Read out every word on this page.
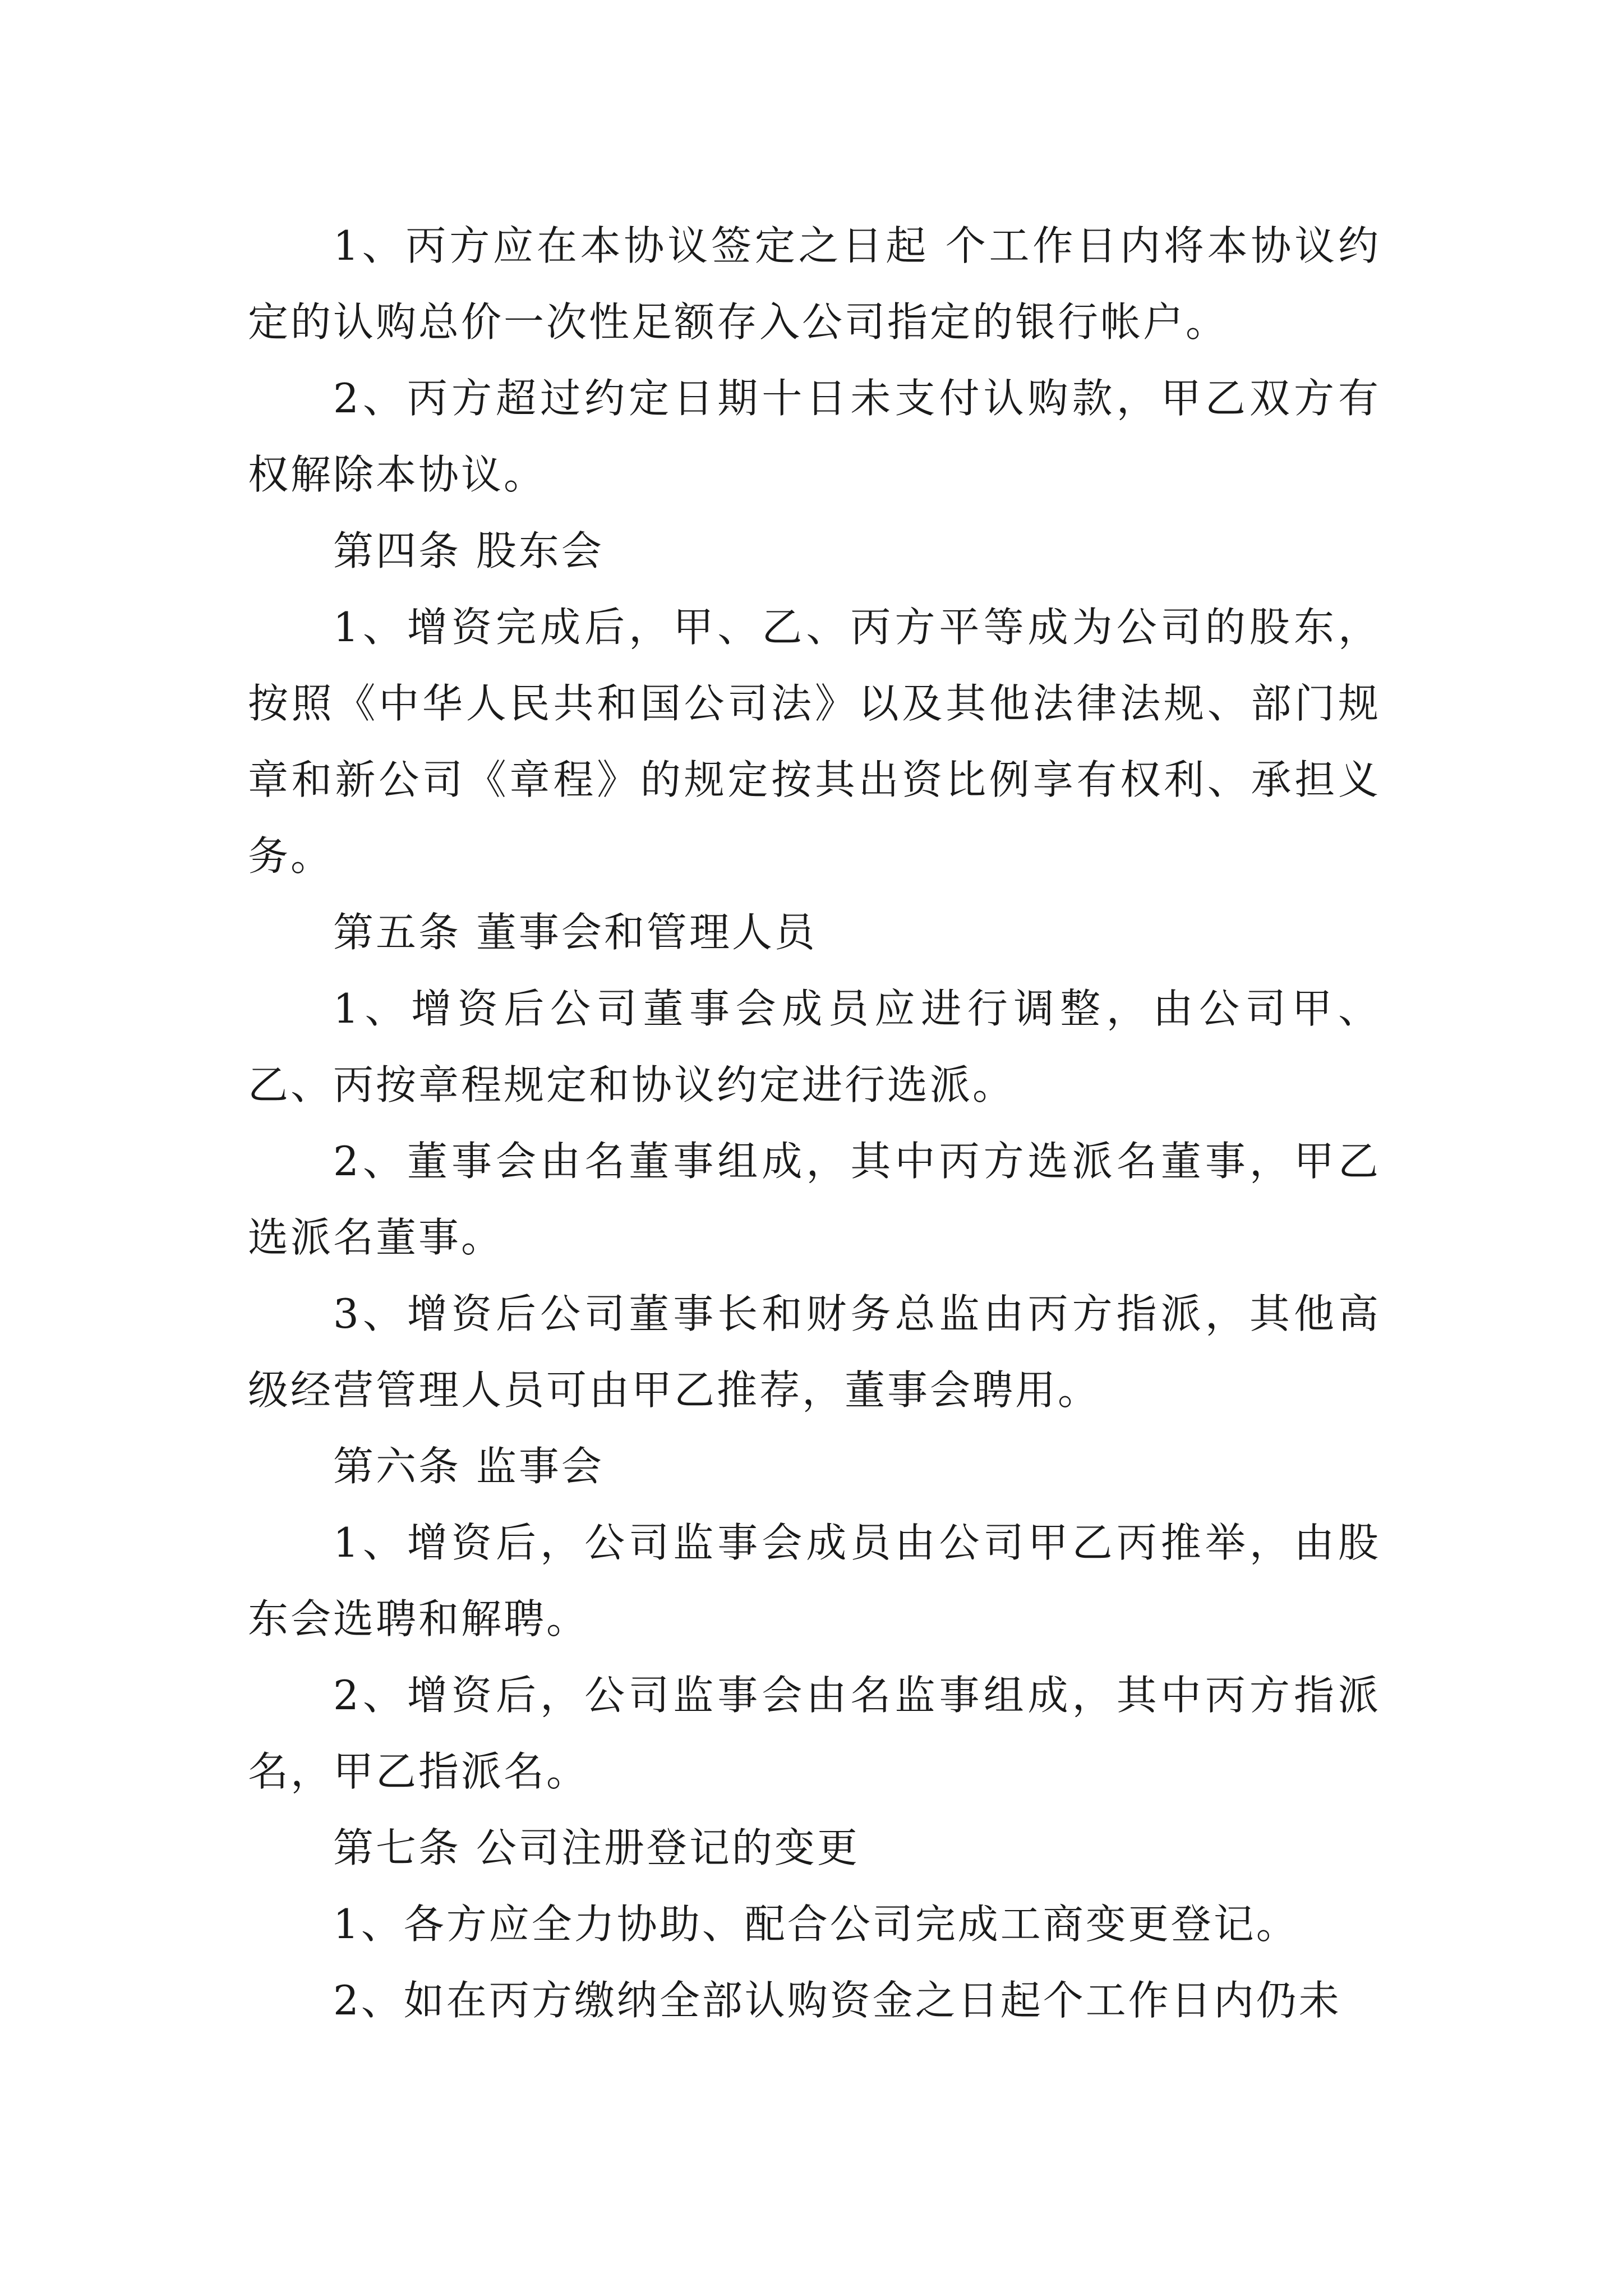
1、丙方应在本协议签定之日起 个工作日内将本协议约定的认购总价一次性足额存入公司指定的银行帐户。

2、丙方超过约定日期十日未支付认购款，甲乙双方有权解除本协议。

第四条 股东会

1、增资完成后，甲、乙、丙方平等成为公司的股东，按照《中华人民共和国公司法》以及其他法律法规、部门规章和新公司《章程》的规定按其出资比例享有权利、承担义务。

第五条 董事会和管理人员

1、增资后公司董事会成员应进行调整，由公司甲、乙、丙按章程规定和协议约定进行选派。

2、董事会由名董事组成，其中丙方选派名董事，甲乙选派名董事。

3、增资后公司董事长和财务总监由丙方指派，其他高级经营管理人员可由甲乙推荐，董事会聘用。

第六条 监事会

1、增资后，公司监事会成员由公司甲乙丙推举，由股东会选聘和解聘。

2、增资后，公司监事会由名监事组成，其中丙方指派名，甲乙指派名。

第七条 公司注册登记的变更

1、各方应全力协助、配合公司完成工商变更登记。

2、如在丙方缴纳全部认购资金之日起个工作日内仍未
